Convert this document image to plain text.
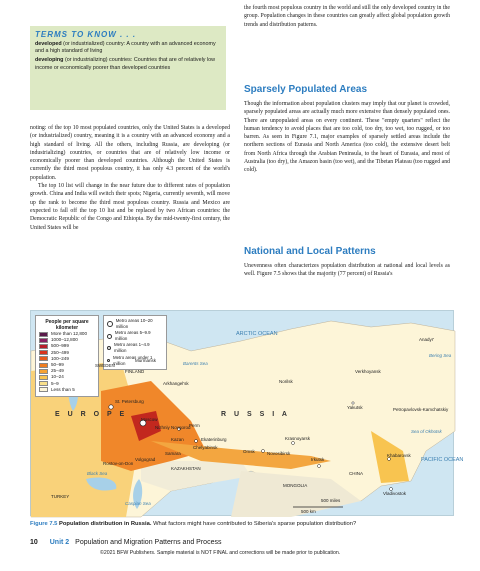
TERMS TO KNOW . . .

developed (or industrialized) country: A country with an advanced economy and a high standard of living

developing (or industrializing) countries: Countries that are of relatively low income or economically poorer than developed countries

noting: of the top 10 most populated countries, only the United States is a developed (or industrialized) country, meaning it is a country with an advanced economy and a high standard of living. All the others, including Russia, are developing (or industrializing) countries, or countries that are of relatively low income or economically poorer than developed countries. Although the United States is currently the third most populous country, it has only 4.3 percent of the world's population.

The top 10 list will change in the near future due to different rates of population growth. China and India will switch their spots; Nigeria, currently seventh, will move up the rank to become the third most populous country. Russia and Mexico are expected to fall off the top 10 list and be replaced by two African countries: the Democratic Republic of the Congo and Ethiopia. By the mid-twenty-first century, the United States will be

the fourth most populous country in the world and still the only developed country in the group. Population changes in these countries can greatly affect global population growth trends and distribution patterns.

Sparsely Populated Areas

Though the information about population clusters may imply that our planet is crowded, sparsely populated areas are actually much more extensive than densely populated ones. There are unpopulated areas on every continent. These "empty quarters" reflect the human tendency to avoid places that are too cold, too dry, too wet, too rugged, or too barren. As seen in Figure 7.1, major examples of sparsely settled areas include the northern sections of Eurasia and North America (too cold), the extensive desert belt from North Africa through the Arabian Peninsula, to the heart of Eurasia, and most of Australia (too dry), the Amazon basin (too wet), and the Tibetan Plateau (too rugged and cold).

National and Local Patterns

Unevenness often characterizes population distribution at national and local levels as well. Figure 7.5 shows that the majority (77 percent) of Russia's

People per square kilometer
More than 12,800
1000–12,800
500–999
250–499
100–249
50–99
25–49
10–24
5–9
Less than 5
Metro areas 10–20 million
Metro areas 5–9.9 million
Metro areas 1–4.9 million
Metro areas under 1 million
ARCTIC OCEAN
Barents Sea
Bering Sea
Sea of Okhotsk
PACIFIC OCEAN
R U S S I A
E U R O P E
KAZAKHSTAN
MONGOLIA
CHINA
TURKEY
Caspian Sea
Black Sea
FINLAND
SWEDEN
Murmansk
Arkhangel'sk
St. Petersburg
Moscow
Nizhniy Novgorod
Kazan
Perm
Ekaterinburg
Chelyabinsk
Samara
Volgograd
Rostov-on-Don
Omsk	Novosibirsk
Krasnoyarsk
Irkutsk
Norilsk
Yakutsk
Verkhoyansk
Anadyr'
Petropavlovsk-Kamchatskiy
Khabarovsk
Vladivostok
500 miles
500 km
Figure 7.5 Population distribution in Russia. What factors might have contributed to Siberia's sparse population distribution?
10 Unit 2 Population and Migration Patterns and Process
©2021 BFW Publishers. Sample material is NOT FINAL and corrections will be made prior to publication.
